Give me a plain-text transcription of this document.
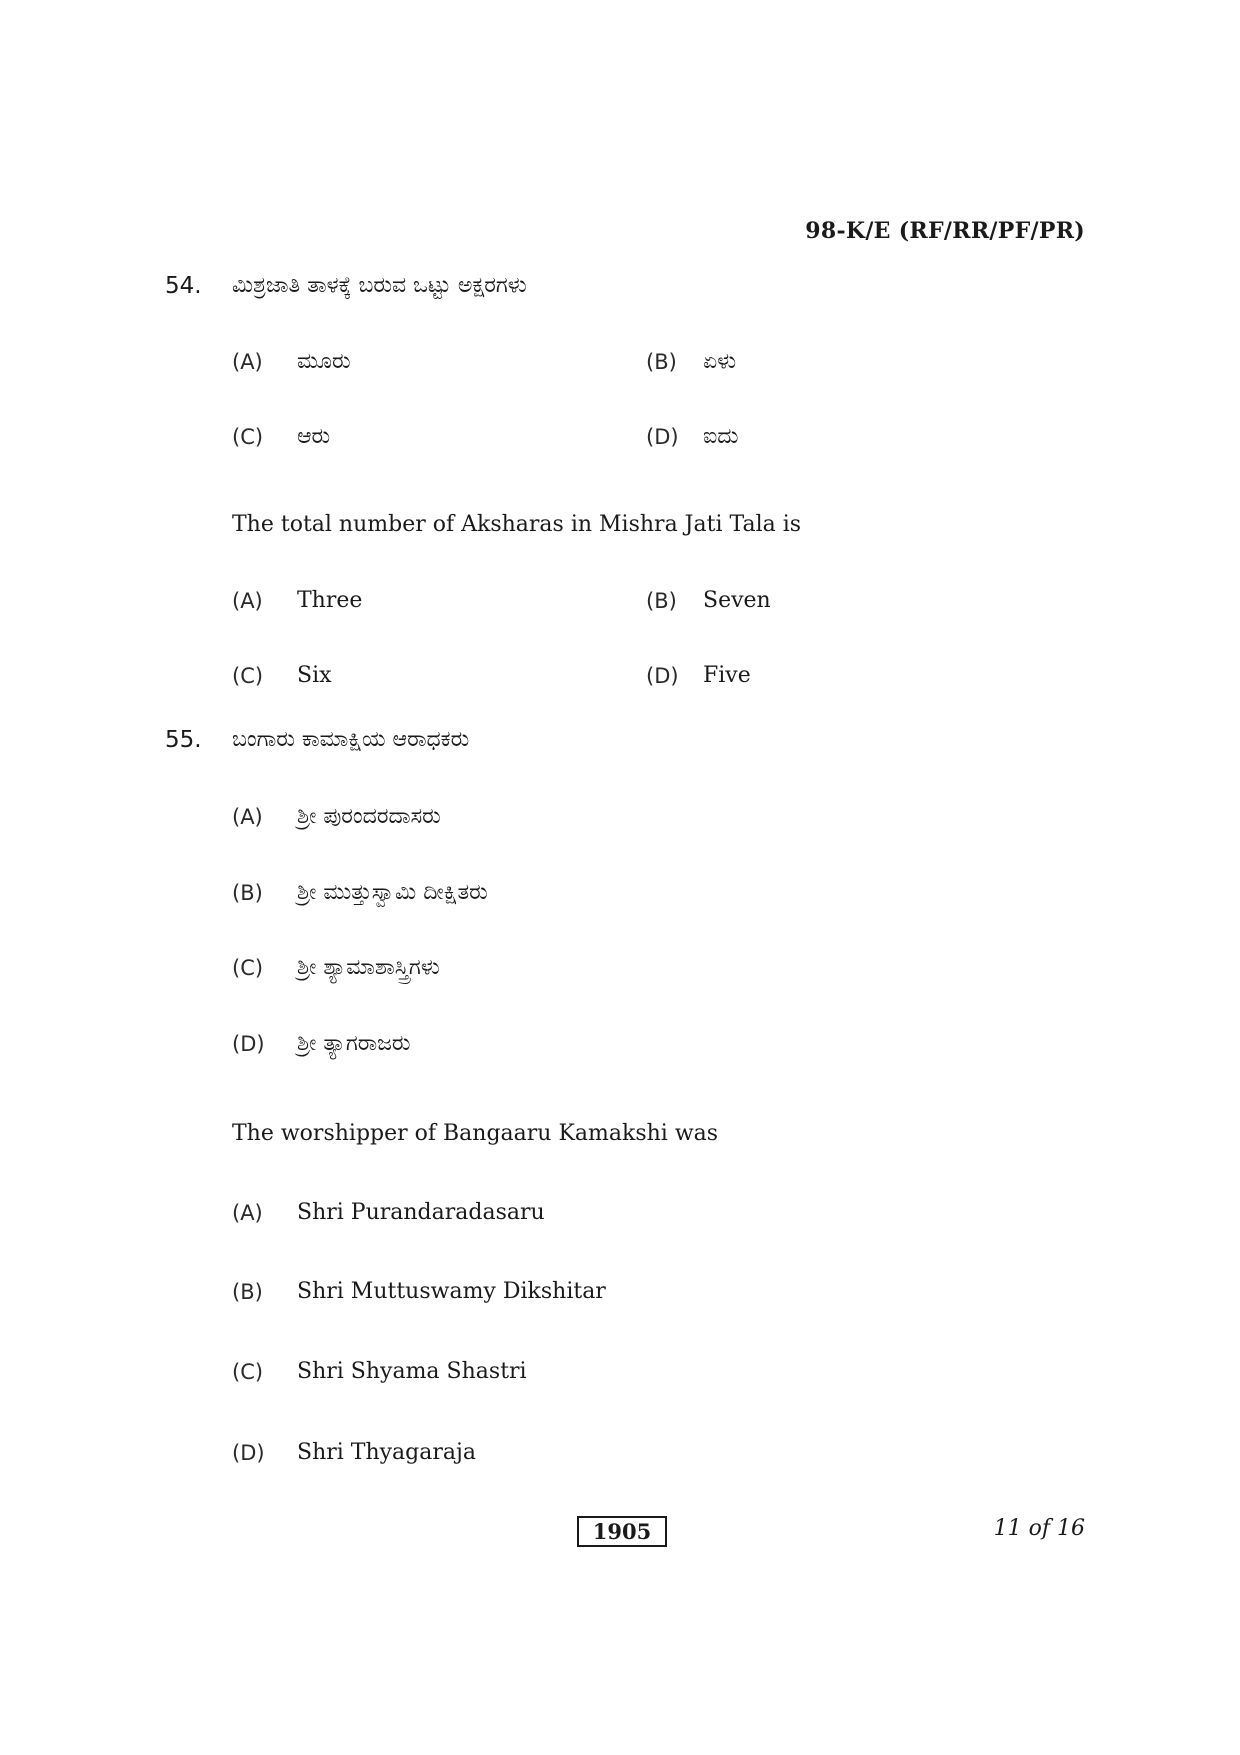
98-K/E (RF/RR/PF/PR)
54. ಮಿಶ್ರಜಾತಿ ತಾಳಕ್ಕೆ ಬರುವ ಒಟ್ಟು ಅಕ್ಷರಗಳು
(A) ಮೂರು	(B) ಏಳು
(C) ಆರು	(D) ಐದು
The total number of Aksharas in Mishra Jati Tala is
(A) Three	(B) Seven
(C) Six	(D) Five
55. ಬಂಗಾರು ಕಾಮಾಕ್ಷಿಯ ಆರಾಧಕರು
(A) ಶ್ರೀ ಪುರಂದರದಾಸರು
(B) ಶ್ರೀ ಮುತ್ತುಸ್ವಾಮಿ ದೀಕ್ಷಿತರು
(C) ಶ್ರೀ ಶ್ಯಾಮಾಶಾಸ್ತ್ರಿಗಳು
(D) ಶ್ರೀ ತ್ಯಾಗರಾಜರು
The worshipper of Bangaaru Kamakshi was
(A) Shri Purandaradasaru
(B) Shri Muttuswamy Dikshitar
(C) Shri Shyama Shastri
(D) Shri Thyagaraja
1905	11 of 16
